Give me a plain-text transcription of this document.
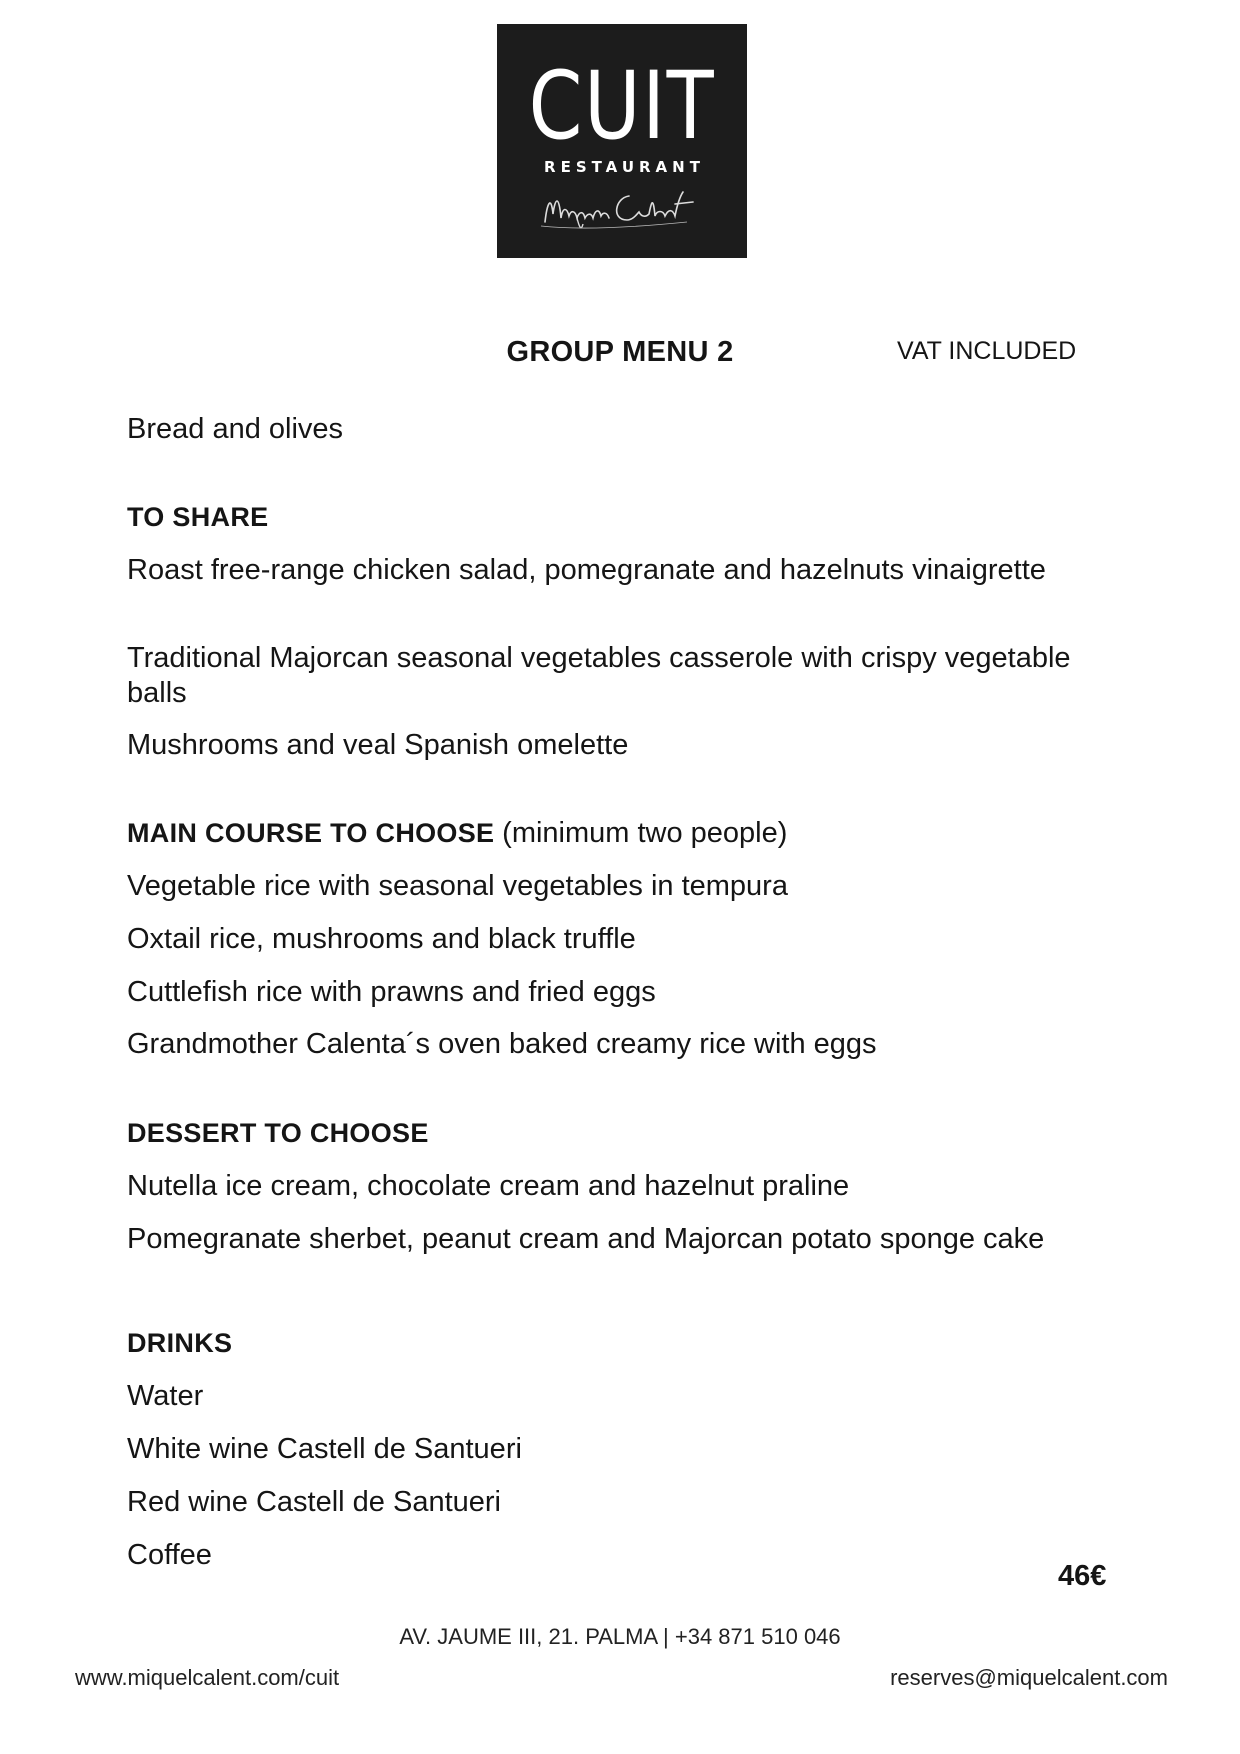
CUIT
RESTAURANT
GROUP MENU 2	VAT INCLUDED
Bread and olives
TO SHARE
Roast free-range chicken salad, pomegranate and hazelnuts vinaigrette
Traditional Majorcan seasonal vegetables casserole with crispy vegetable balls
Mushrooms and veal Spanish omelette
MAIN COURSE TO CHOOSE (minimum two people)
Vegetable rice with seasonal vegetables in tempura
Oxtail rice, mushrooms and black truffle
Cuttlefish rice with prawns and fried eggs
Grandmother Calenta´s oven baked creamy rice with eggs
DESSERT TO CHOOSE
Nutella ice cream, chocolate cream and hazelnut praline
Pomegranate sherbet, peanut cream and Majorcan potato sponge cake
DRINKS
Water
White wine Castell de Santueri
Red wine Castell de Santueri
Coffee
46€
AV. JAUME III, 21. PALMA | +34 871 510 046
www.miquelcalent.com/cuit	reserves@miquelcalent.com
